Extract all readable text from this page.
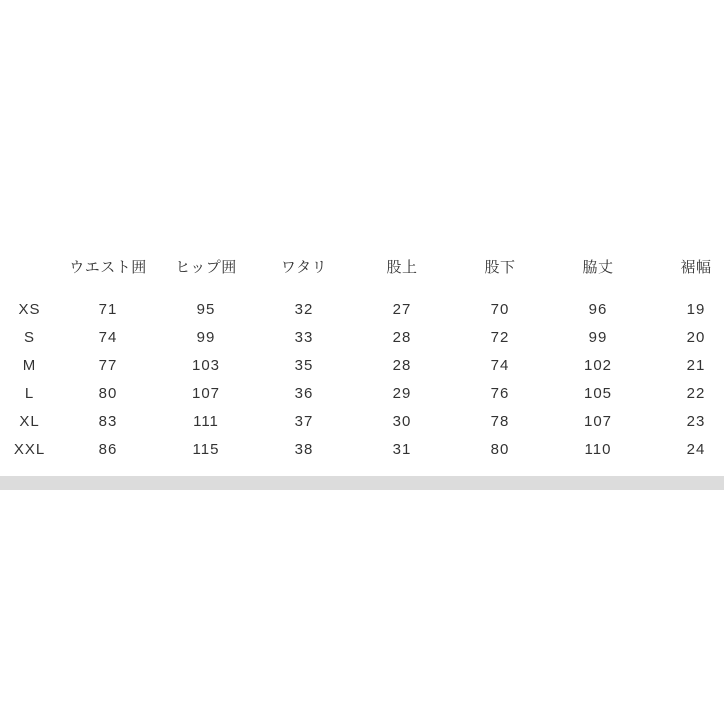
	ウエスト囲	ヒップ囲	ワタリ	股上	股下	脇丈	裾幅
XS	71	95	32	27	70	96	19
S	74	99	33	28	72	99	20
M	77	103	35	28	74	102	21
L	80	107	36	29	76	105	22
XL	83	111	37	30	78	107	23
XXL	86	115	38	31	80	110	24
